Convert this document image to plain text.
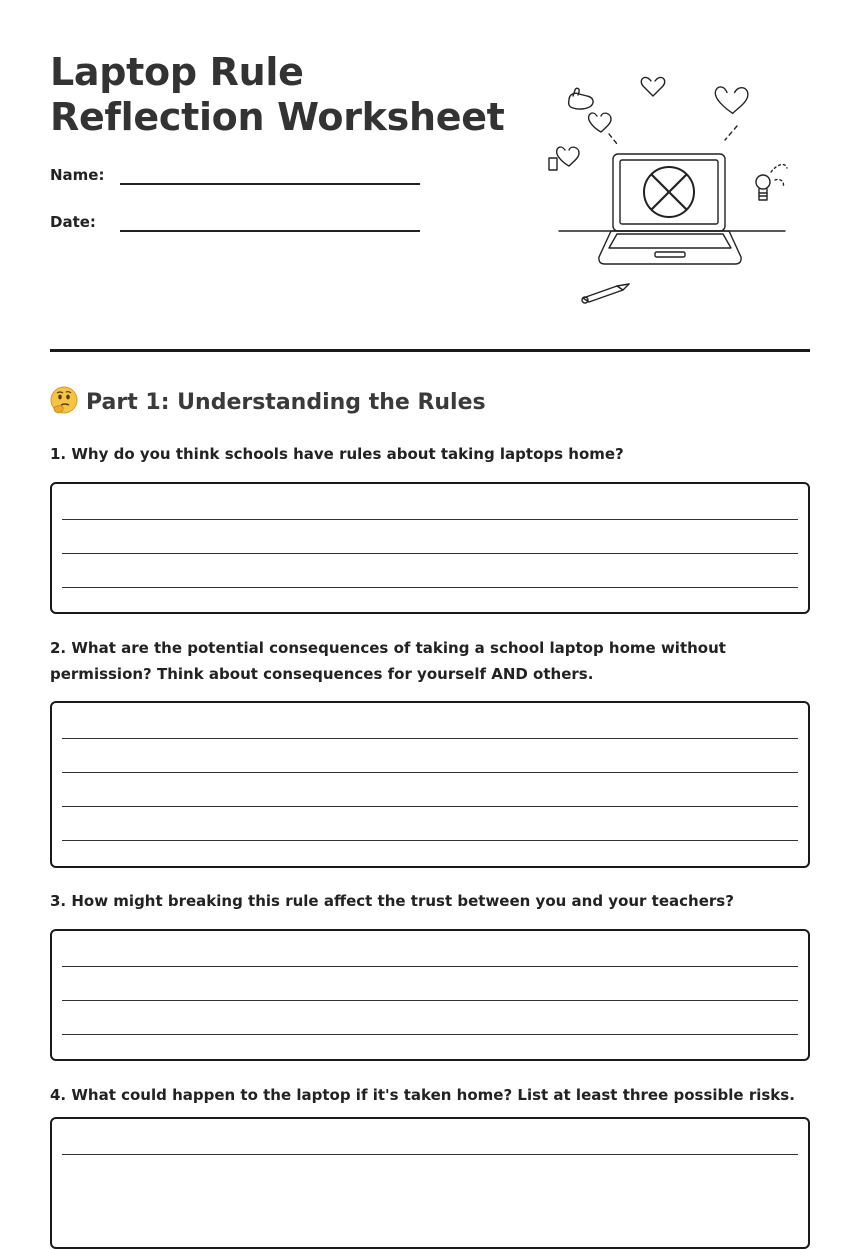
Laptop Rule Reflection Worksheet
Name:
Date:
Part 1: Understanding the Rules

1. Why do you think schools have rules about taking laptops home?

2. What are the potential consequences of taking a school laptop home without permission? Think about consequences for yourself AND others.

3. How might breaking this rule affect the trust between you and your teachers?

4. What could happen to the laptop if it's taken home? List at least three possible risks.
